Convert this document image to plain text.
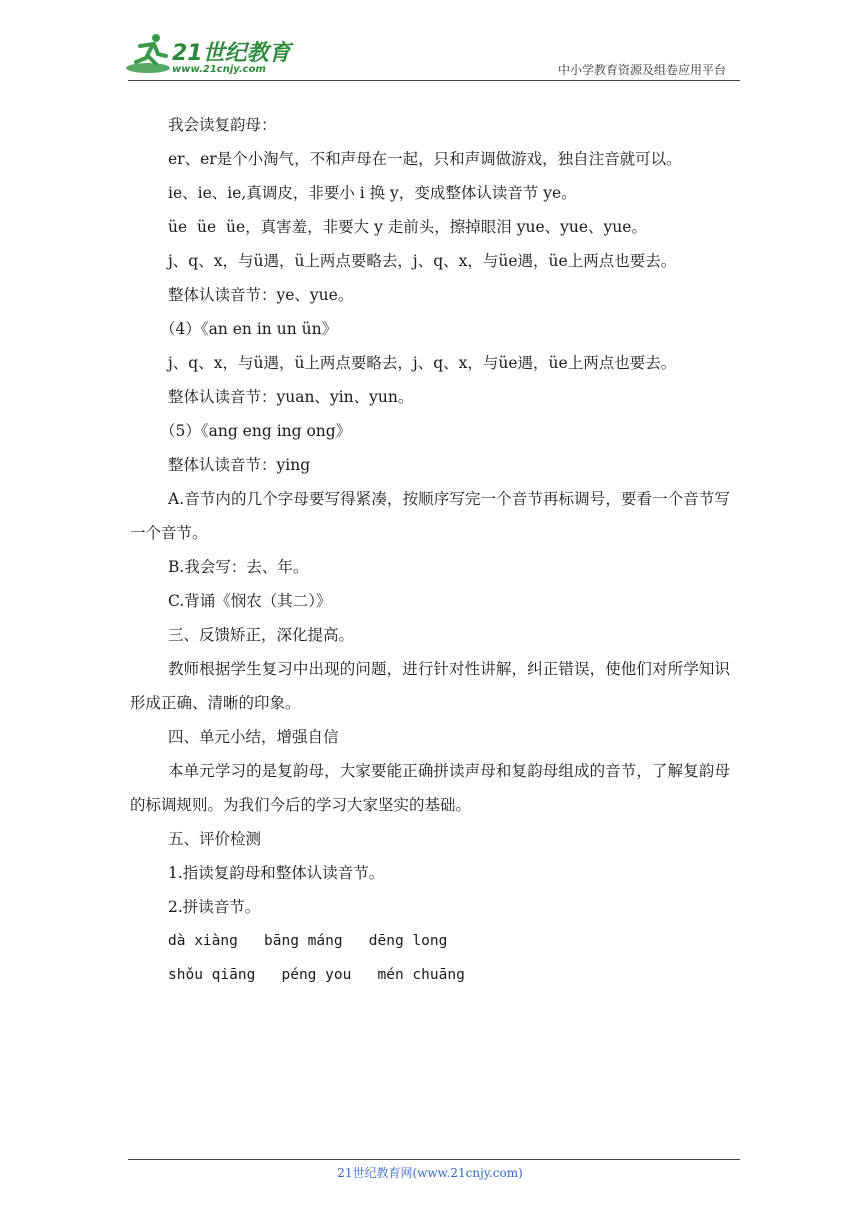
21世纪教育
www.21cnjy.com	中小学教育资源及组卷应用平台

我会读复韵母：

er、er是个小淘气，不和声母在一起，只和声调做游戏，独自注音就可以。

ie、ie、ie,真调皮，非要小 i 换 y，变成整体认读音节 ye。

üe  üe  üe，真害羞，非要大 y 走前头，擦掉眼泪 yue、yue、yue。

j、q、x，与ü遇，ü上两点要略去，j、q、x，与üe遇，üe上两点也要去。

整体认读音节：ye、yue。

（4）《an en in un ün》

j、q、x，与ü遇，ü上两点要略去，j、q、x，与üe遇，üe上两点也要去。

整体认读音节：yuan、yin、yun。

（5）《ang eng ing ong》

整体认读音节：ying

A.音节内的几个字母要写得紧凑，按顺序写完一个音节再标调号，要看一个音节写一个音节。

B.我会写：去、年。

C.背诵《悯农（其二）》

三、反馈矫正，深化提高。

教师根据学生复习中出现的问题，进行针对性讲解，纠正错误，使他们对所学知识形成正确、清晰的印象。

四、单元小结，增强自信

本单元学习的是复韵母，大家要能正确拼读声母和复韵母组成的音节，了解复韵母的标调规则。为我们今后的学习大家坚实的基础。

五、评价检测

1.指读复韵母和整体认读音节。

2.拼读音节。

dà xiàng   bāng máng   dēng long
shǒu qiāng   péng you   mén chuāng
21世纪教育网(www.21cnjy.com)
